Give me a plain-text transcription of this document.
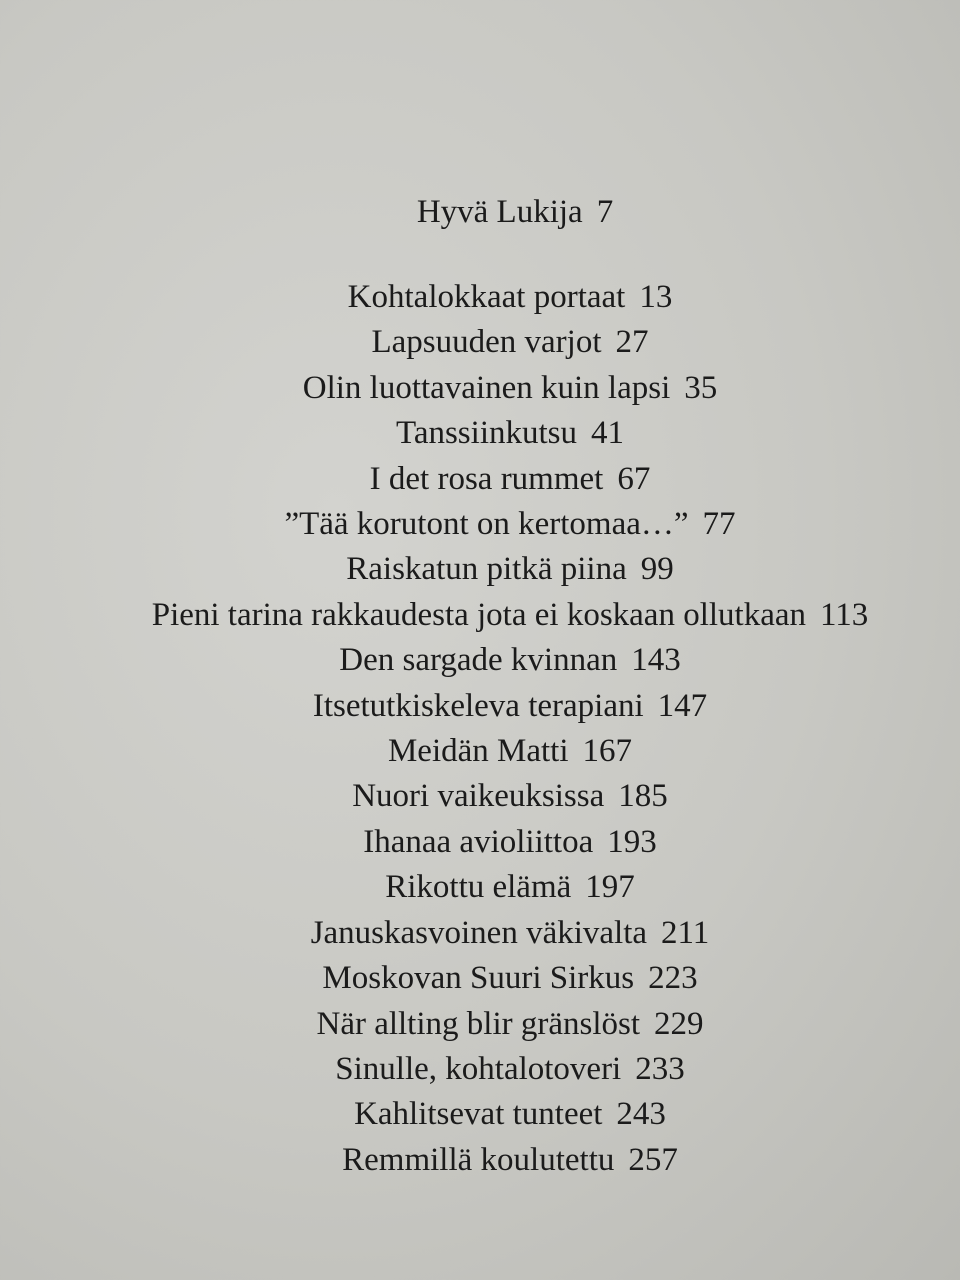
Hyvä Lukija 7
Kohtalokkaat portaat 13
Lapsuuden varjot 27
Olin luottavainen kuin lapsi 35
Tanssiinkutsu 41
I det rosa rummet 67
”Tää korutont on kertomaa…” 77
Raiskatun pitkä piina 99
Pieni tarina rakkaudesta jota ei koskaan ollutkaan 113
Den sargade kvinnan 143
Itsetutkiskeleva terapiani 147
Meidän Matti 167
Nuori vaikeuksissa 185
Ihanaa avioliittoa 193
Rikottu elämä 197
Januskasvoinen väkivalta 211
Moskovan Suuri Sirkus 223
När allting blir gränslöst 229
Sinulle, kohtalotoveri 233
Kahlitsevat tunteet 243
Remmillä koulutettu 257
